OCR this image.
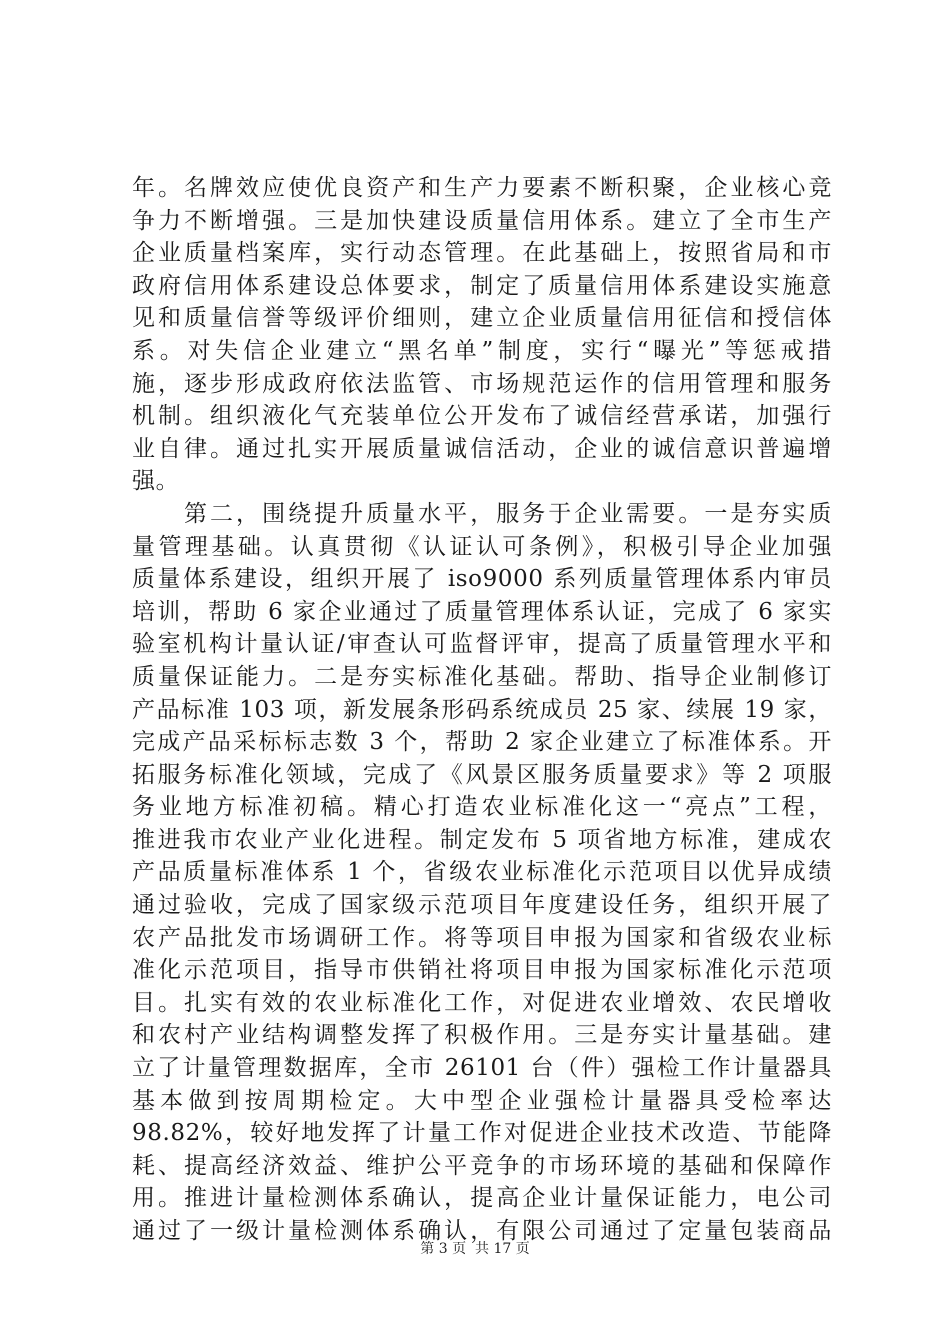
年。名牌效应使优良资产和生产力要素不断积聚，企业核心竞
争力不断增强。三是加快建设质量信用体系。建立了全市生产
企业质量档案库，实行动态管理。在此基础上，按照省局和市
政府信用体系建设总体要求，制定了质量信用体系建设实施意
见和质量信誉等级评价细则，建立企业质量信用征信和授信体
系。对失信企业建立“黑名单”制度，实行“曝光”等惩戒措
施，逐步形成政府依法监管、市场规范运作的信用管理和服务
机制。组织液化气充装单位公开发布了诚信经营承诺，加强行
业自律。通过扎实开展质量诚信活动，企业的诚信意识普遍增
强。
　　第二，围绕提升质量水平，服务于企业需要。一是夯实质
量管理基础。认真贯彻《认证认可条例》，积极引导企业加强
质量体系建设，组织开展了 iso9000 系列质量管理体系内审员
培训，帮助 6 家企业通过了质量管理体系认证，完成了 6 家实
验室机构计量认证/审查认可监督评审，提高了质量管理水平和
质量保证能力。二是夯实标准化基础。帮助、指导企业制修订
产品标准 103 项，新发展条形码系统成员 25 家、续展 19 家，
完成产品采标标志数 3 个，帮助 2 家企业建立了标准体系。开
拓服务标准化领域，完成了《风景区服务质量要求》等 2 项服
务业地方标准初稿。精心打造农业标准化这一“亮点”工程，
推进我市农业产业化进程。制定发布 5 项省地方标准，建成农
产品质量标准体系 1 个，省级农业标准化示范项目以优异成绩
通过验收，完成了国家级示范项目年度建设任务，组织开展了
农产品批发市场调研工作。将等项目申报为国家和省级农业标
准化示范项目，指导市供销社将项目申报为国家标准化示范项
目。扎实有效的农业标准化工作，对促进农业增效、农民增收
和农村产业结构调整发挥了积极作用。三是夯实计量基础。建
立了计量管理数据库，全市 26101 台（件）强检工作计量器具
基本做到按周期检定。大中型企业强检计量器具受检率达
98.82%，较好地发挥了计量工作对促进企业技术改造、节能降
耗、提高经济效益、维护公平竞争的市场环境的基础和保障作
用。推进计量检测体系确认，提高企业计量保证能力，电公司
通过了一级计量检测体系确认，有限公司通过了定量包装商品
第 3 页  共 17 页
